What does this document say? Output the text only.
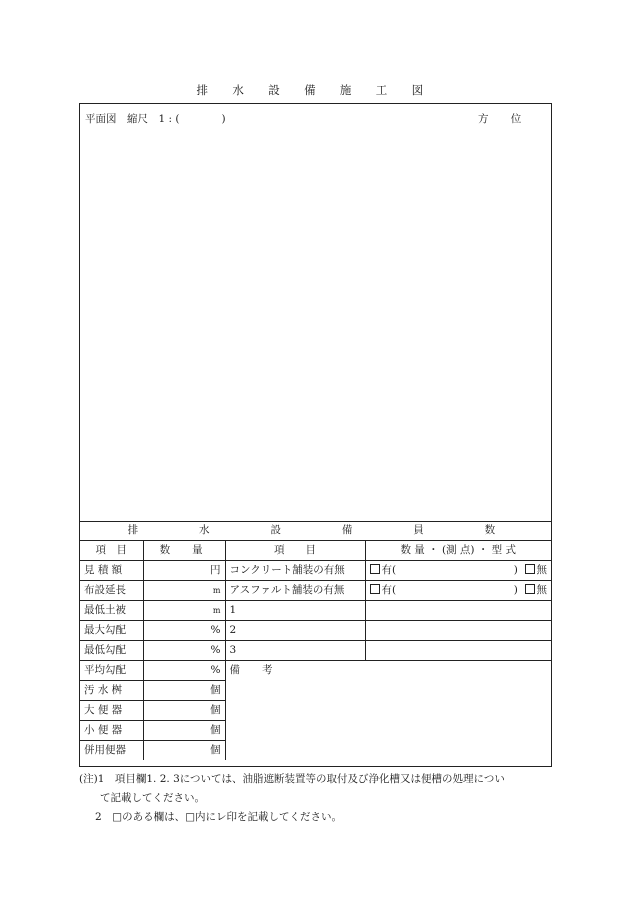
排 水 設 備 施 工 図
平面図　縮尺　1 : (　　　　)	方 位
排　水　設　備　員　数			
項　目	数　量	項　　目	数 量 ・ (測 点) ・ 型 式
見 積 額	円	コンクリート舗装の有無	有( ) 無

布設延長	m	アスファルト舗装の有無	有( ) 無

最低土被	m	1	
最大勾配	%	2	
最低勾配	%	3	
平均勾配	%	備　考	
汚 水 桝	個		
大 便 器	個		
小 便 器	個		
併用便器	個		
(注)1　項目欄1. 2. 3については、油脂遮断装置等の取付及び浄化槽又は便槽の処理につい
て記載してください。
2　□のある欄は、□内にレ印を記載してください。
